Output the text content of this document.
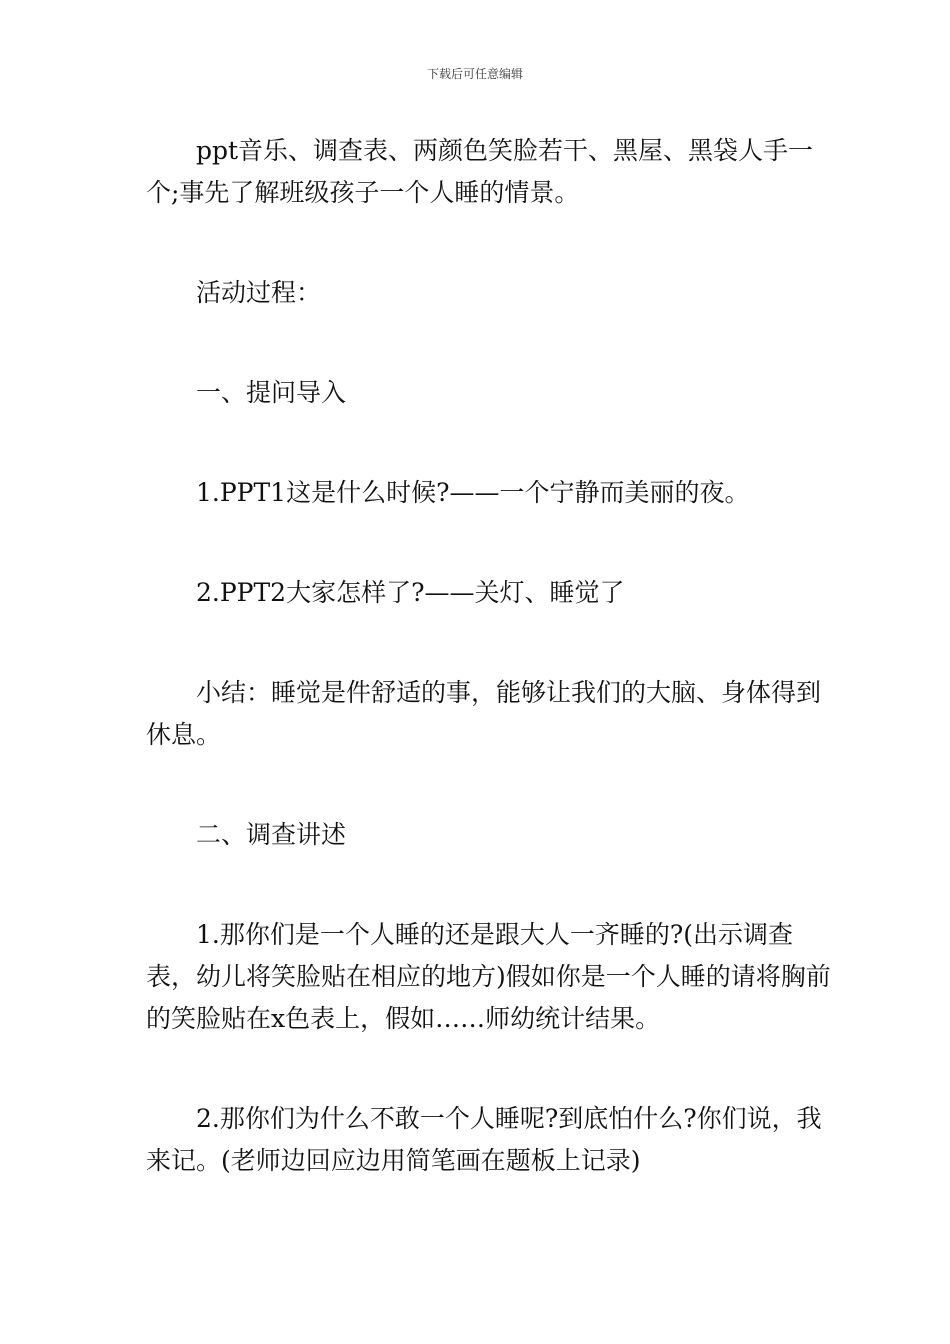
下载后可任意编辑

ppt音乐、调查表、两颜色笑脸若干、黑屋、黑袋人手一个;事先了解班级孩子一个人睡的情景。

活动过程：

一、提问导入

1.PPT1这是什么时候?——一个宁静而美丽的夜。

2.PPT2大家怎样了?——关灯、睡觉了

小结：睡觉是件舒适的事，能够让我们的大脑、身体得到休息。

二、调查讲述

1.那你们是一个人睡的还是跟大人一齐睡的?(出示调查表，幼儿将笑脸贴在相应的地方)假如你是一个人睡的请将胸前的笑脸贴在x色表上，假如……师幼统计结果。

2.那你们为什么不敢一个人睡呢?到底怕什么?你们说，我来记。(老师边回应边用简笔画在题板上记录)
